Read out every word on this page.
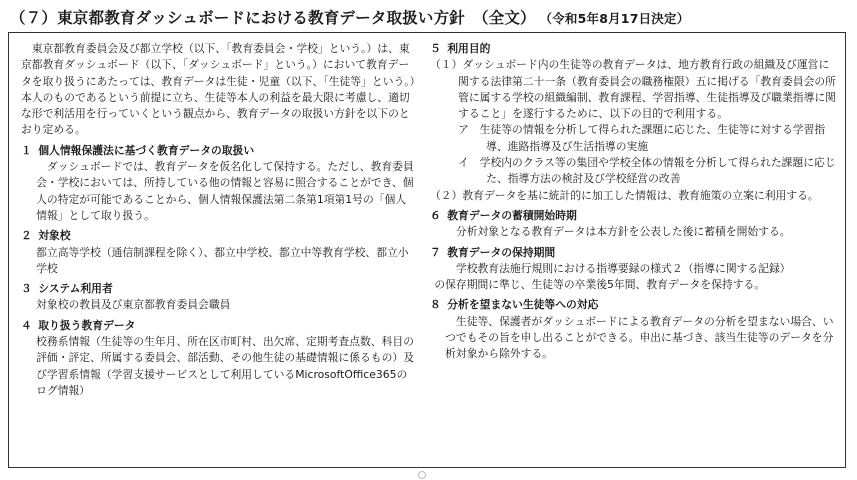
（７）東京都教育ダッシュボードにおける教育データ取扱い方針　（全文） （令和5年8月17日決定）

東京都教育委員会及び都立学校（以下、「教育委員会・学校」という。）は、東京都教育ダッシュボード（以下、「ダッシュボード」という。）において教育データを取り扱うにあたっては、教育データは生徒・児童（以下、「生徒等」という。）本人のものであるという前提に立ち、生徒等本人の利益を最大限に考慮し、適切な形で利活用を行っていくという観点から、教育データの取扱い方針を以下のとおり定める。

１ 個人情報保護法に基づく教育データの取扱い

ダッシュボードでは、教育データを仮名化して保持する。ただし、教育委員会・学校においては、所持している他の情報と容易に照合することができ、個人の特定が可能であることから、個人情報保護法第二条第1項第1号の「個人情報」として取り扱う。

２ 対象校

都立高等学校（通信制課程を除く）、都立中学校、都立中等教育学校、都立小学校

３ システム利用者

対象校の教員及び東京都教育委員会職員

４ 取り扱う教育データ

校務系情報（生徒等の生年月、所在区市町村、出欠席、定期考査点数、科目の評価・評定、所属する委員会、部活動、その他生徒の基礎情報に係るもの）及び学習系情報（学習支援サービスとして利用しているMicrosoftOffice365のログ情報）

５ 利用目的

（１）ダッシュボード内の生徒等の教育データは、地方教育行政の組織及び運営に関する法律第二十一条（教育委員会の職務権限）五に掲げる「教育委員会の所管に属する学校の組織編制、教育課程、学習指導、生徒指導及び職業指導に関すること」を遂行するために、以下の目的で利用する。

ア　生徒等の情報を分析して得られた課題に応じた、生徒等に対する学習指導、進路指導及び生活指導の実施

イ　学校内のクラス等の集団や学校全体の情報を分析して得られた課題に応じた、指導方法の検討及び学校経営の改善

（２）教育データを基に統計的に加工した情報は、教育施策の立案に利用する。

６ 教育データの蓄積開始時期

分析対象となる教育データは本方針を公表した後に蓄積を開始する。

７ 教育データの保持期間

学校教育法施行規則における指導要録の様式２（指導に関する記録）

の保存期間に準じ、生徒等の卒業後5年間、教育データを保持する。

８ 分析を望まない生徒等への対応

生徒等、保護者がダッシュボードによる教育データの分析を望まない場合、いつでもその旨を申し出ることができる。申出に基づき、該当生徒等のデータを分析対象から除外する。
